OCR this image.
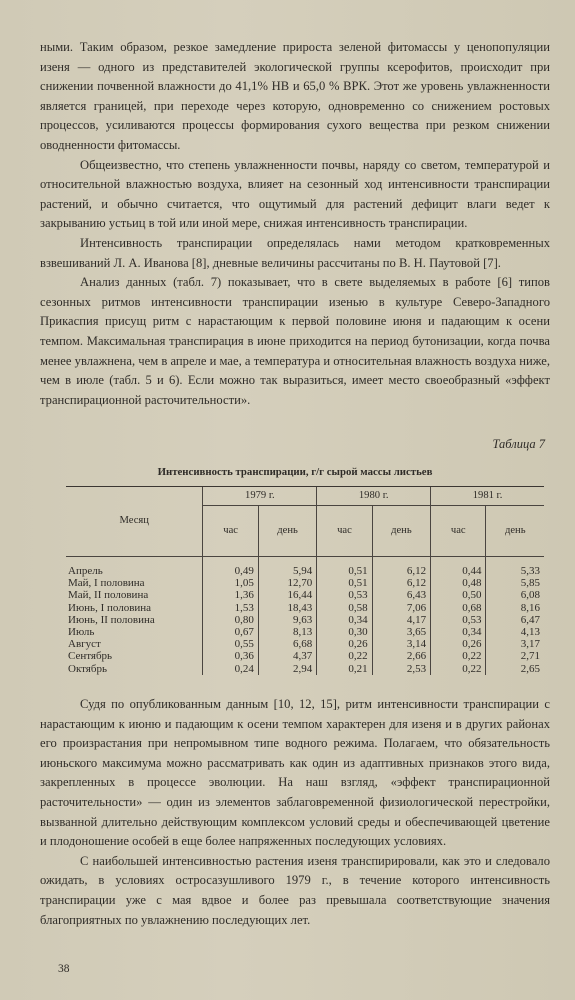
ными. Таким образом, резкое замедление прироста зеленой фитомассы у ценопопуляции изеня — одного из представителей экологической группы ксерофитов, происходит при снижении почвенной влажности до 41,1% НВ и 65,0 % ВРК. Этот же уровень увлажненности является границей, при переходе через которую, одновременно со снижением ростовых процессов, усиливаются процессы формирования сухого вещества при резком снижении оводненности фитомассы.

Общеизвестно, что степень увлажненности почвы, наряду со светом, температурой и относительной влажностью воздуха, влияет на сезонный ход интенсивности транспирации растений, и обычно считается, что ощутимый для растений дефицит влаги ведет к закрыванию устьиц в той или иной мере, снижая интенсивность транспирации.

Интенсивность транспирации определялась нами методом кратковременных взвешиваний Л. А. Иванова [8], дневные величины рассчитаны по В. Н. Паутовой [7].

Анализ данных (табл. 7) показывает, что в свете выделяемых в работе [6] типов сезонных ритмов интенсивности транспирации изенью в культуре Северо-Западного Прикаспия присущ ритм с нарастающим к первой половине июня и падающим к осени темпом. Максимальная транспирация в июне приходится на период бутонизации, когда почва менее увлажнена, чем в апреле и мае, а температура и относительная влажность воздуха ниже, чем в июле (табл. 5 и 6). Если можно так выразиться, имеет место своеобразный «эффект транспирационной расточительности».

Таблица 7
Интенсивность транспирации, г/г сырой массы листьев
Месяц	1979 г.		1980 г.		1981 г.	
	час	день	час	день	час	день

Апрель	0,49	5,94	0,51	6,12	0,44	5,33
Май, I половина	1,05	12,70	0,51	6,12	0,48	5,85
Май, II половина	1,36	16,44	0,53	6,43	0,50	6,08
Июнь, I половина	1,53	18,43	0,58	7,06	0,68	8,16
Июнь, II половина	0,80	9,63	0,34	4,17	0,53	6,47
Июль	0,67	8,13	0,30	3,65	0,34	4,13
Август	0,55	6,68	0,26	3,14	0,26	3,17
Сентябрь	0,36	4,37	0,22	2,66	0,22	2,71
Октябрь	0,24	2,94	0,21	2,53	0,22	2,65

Судя по опубликованным данным [10, 12, 15], ритм интенсивности транспирации с нарастающим к июню и падающим к осени темпом характерен для изеня и в других районах его произрастания при непромывном типе водного режима. Полагаем, что обязательность июньского максимума можно рассматривать как один из адаптивных признаков этого вида, закрепленных в процессе эволюции. На наш взгляд, «эффект транспирационной расточительности» — один из элементов заблаговременной физиологической перестройки, вызванной длительно действующим комплексом условий среды и обеспечивающей цветение и плодоношение особей в еще более напряженных последующих условиях.

С наибольшей интенсивностью растения изеня транспирировали, как это и следовало ожидать, в условиях остросазушливого 1979 г., в течение которого интенсивность транспирации уже с мая вдвое и более раз превышала соответствующие значения благоприятных по увлажнению последующих лет.

38
